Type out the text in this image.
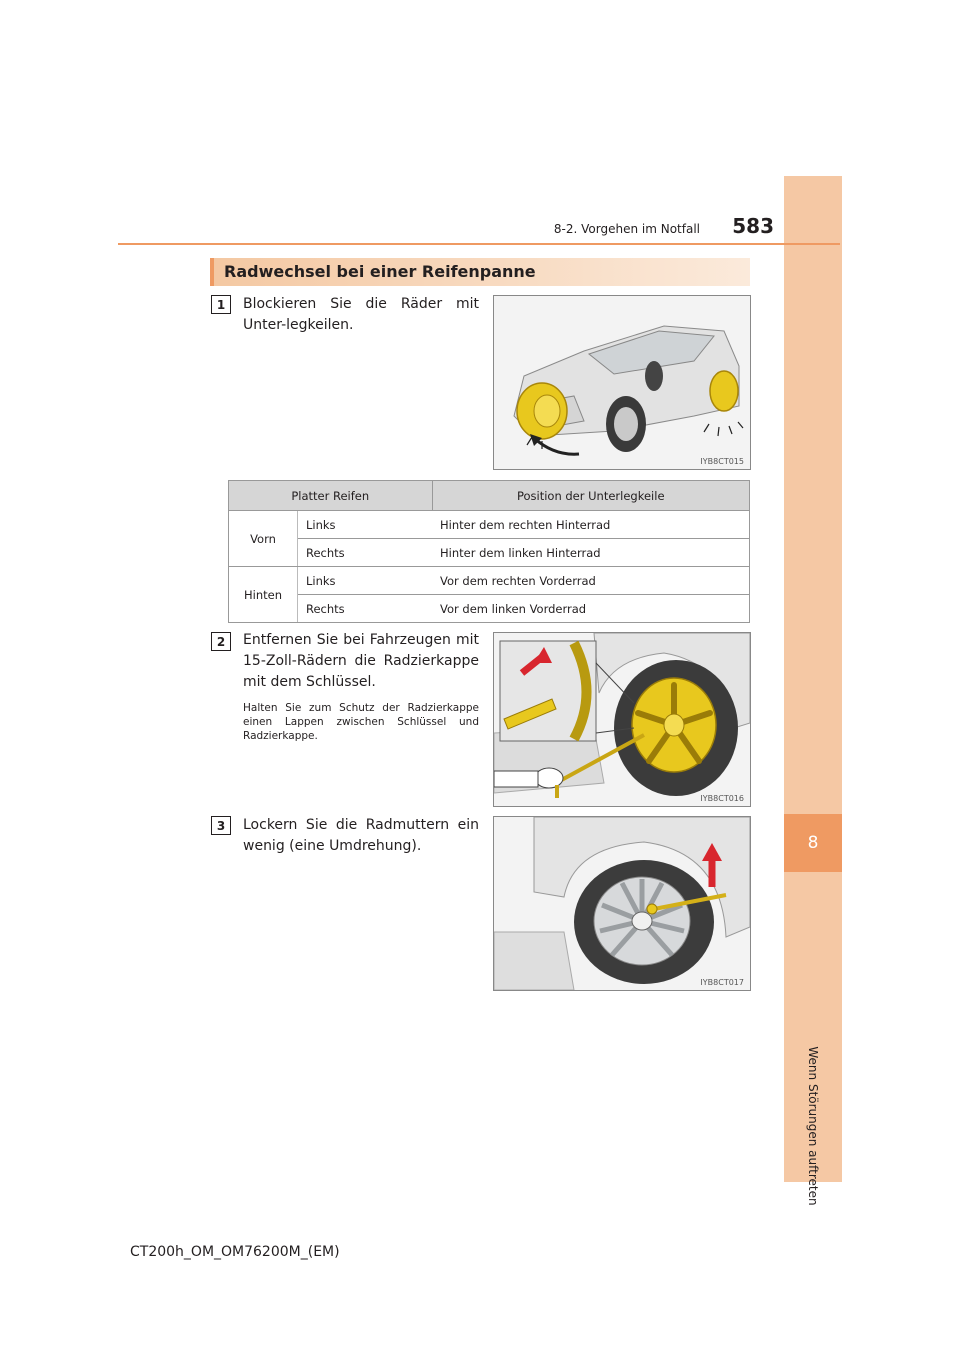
8
Wenn Störungen auftreten
8-2. Vorgehen im Notfall	583
Radwechsel bei einer Reifenpanne
1	Blockieren Sie die Räder mit Unter-legkeilen.
IYB8CT015
Platter Reifen		Position der Unterlegkeile
Vorn	Links	Hinter dem rechten Hinterrad
	Rechts	Hinter dem linken Hinterrad
Hinten	Links	Vor dem rechten Vorderrad
	Rechts	Vor dem linken Vorderrad
2	Entfernen Sie bei Fahrzeugen mit 15-Zoll-Rädern die Radzierkappe mit dem Schlüssel.
Halten Sie zum Schutz der Radzierkappe einen Lappen zwischen Schlüssel und Radzierkappe.
IYB8CT016
3	Lockern Sie die Radmuttern ein wenig (eine Umdrehung).
IYB8CT017
CT200h_OM_OM76200M_(EM)
